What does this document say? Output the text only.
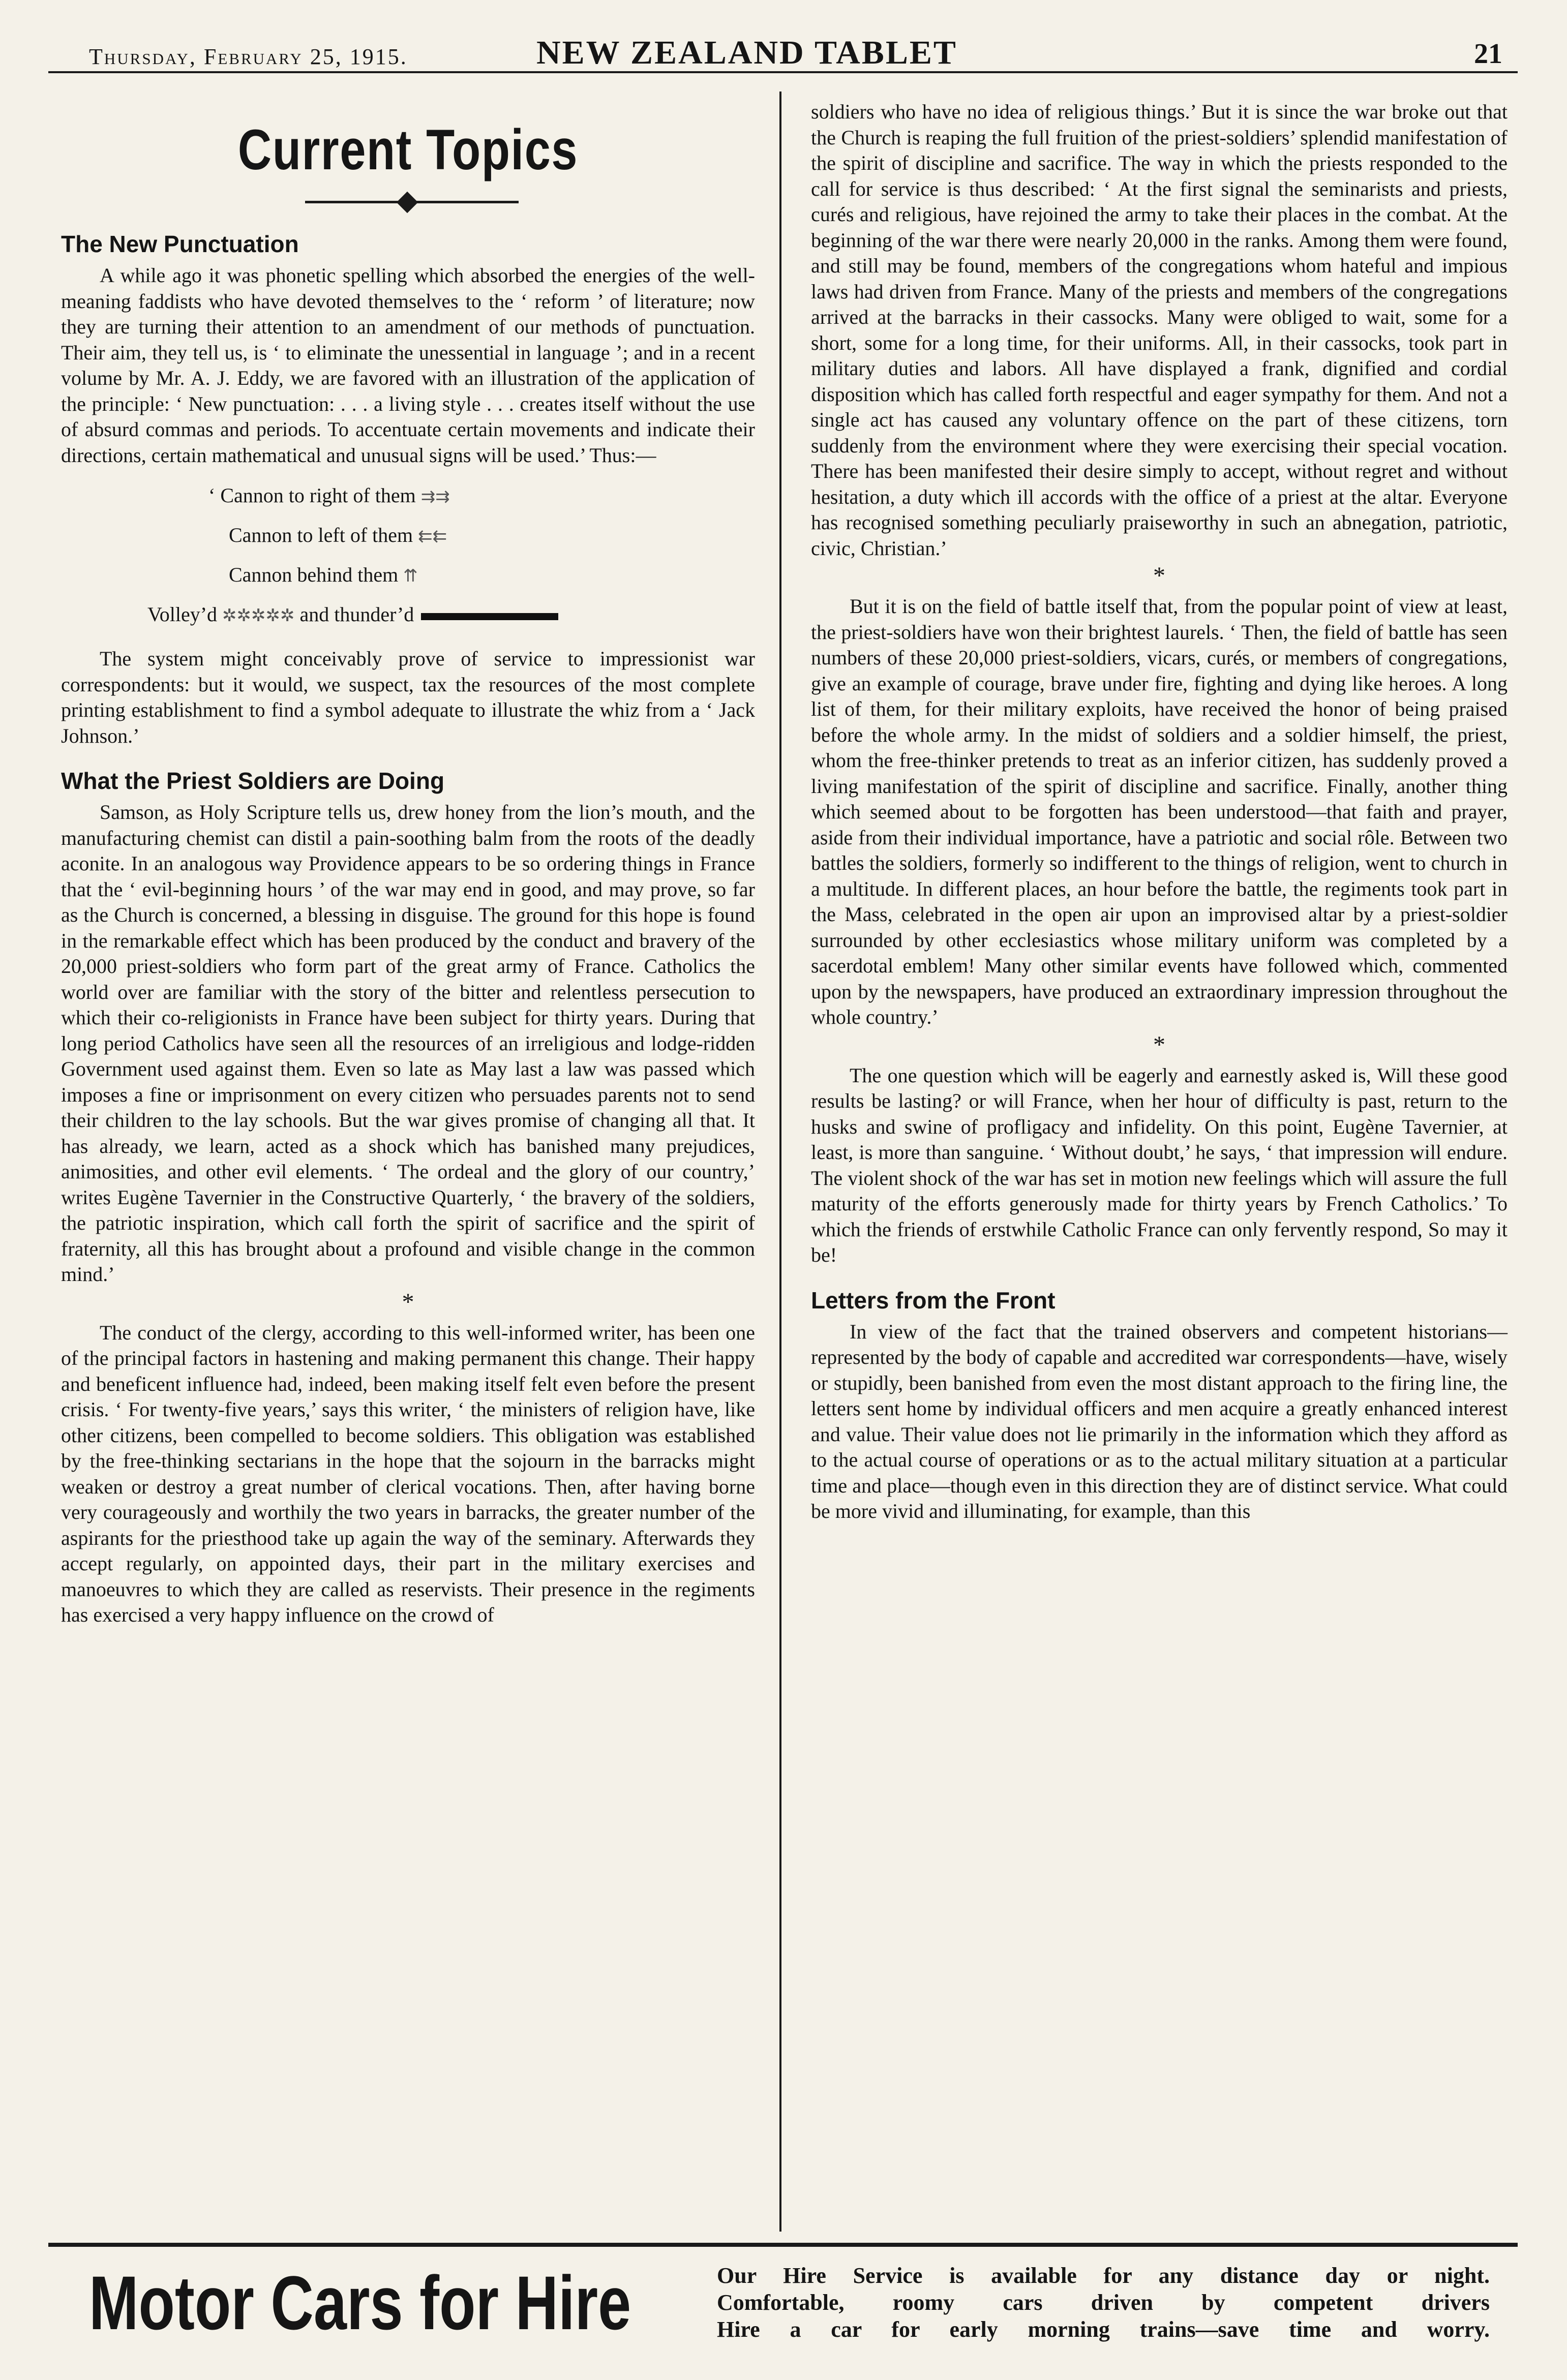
Thursday, February 25, 1915.	NEW ZEALAND TABLET	21
Current Topics
The New Punctuation

A while ago it was phonetic spelling which absorbed the energies of the well-meaning faddists who have devoted themselves to the ‘ reform ’ of literature; now they are turning their attention to an amendment of our methods of punctuation. Their aim, they tell us, is ‘ to eliminate the unessential in language ’; and in a recent volume by Mr. A. J. Eddy, we are favored with an illustration of the application of the principle: ‘ New punctuation: . . . a living style . . . creates itself without the use of absurd commas and periods. To accentuate certain movements and indicate their directions, certain mathematical and unusual signs will be used.’ Thus:—

‘ Cannon to right of them ⇉⇉
Cannon to left of them ⇇⇇
Cannon behind them ⇈
Volley’d ✲✲✲✲✲ and thunder’d

The system might conceivably prove of service to impressionist war correspondents: but it would, we suspect, tax the resources of the most complete printing establishment to find a symbol adequate to illustrate the whiz from a ‘ Jack Johnson.’

What the Priest Soldiers are Doing

Samson, as Holy Scripture tells us, drew honey from the lion’s mouth, and the manufacturing chemist can distil a pain-soothing balm from the roots of the deadly aconite. In an analogous way Providence appears to be so ordering things in France that the ‘ evil-beginning hours ’ of the war may end in good, and may prove, so far as the Church is concerned, a blessing in disguise. The ground for this hope is found in the remarkable effect which has been produced by the conduct and bravery of the 20,000 priest-soldiers who form part of the great army of France. Catholics the world over are familiar with the story of the bitter and relentless persecution to which their co-religionists in France have been subject for thirty years. During that long period Catholics have seen all the resources of an irreligious and lodge-ridden Government used against them. Even so late as May last a law was passed which imposes a fine or imprisonment on every citizen who persuades parents not to send their children to the lay schools. But the war gives promise of changing all that. It has already, we learn, acted as a shock which has banished many prejudices, animosities, and other evil elements. ‘ The ordeal and the glory of our country,’ writes Eugène Tavernier in the Constructive Quarterly, ‘ the bravery of the soldiers, the patriotic inspiration, which call forth the spirit of sacrifice and the spirit of fraternity, all this has brought about a profound and visible change in the common mind.’

*

The conduct of the clergy, according to this well-informed writer, has been one of the principal factors in hastening and making permanent this change. Their happy and beneficent influence had, indeed, been making itself felt even before the present crisis. ‘ For twenty-five years,’ says this writer, ‘ the ministers of religion have, like other citizens, been compelled to become soldiers. This obligation was established by the free-thinking sectarians in the hope that the sojourn in the barracks might weaken or destroy a great number of clerical vocations. Then, after having borne very courageously and worthily the two years in barracks, the greater number of the aspirants for the priesthood take up again the way of the seminary. Afterwards they accept regularly, on appointed days, their part in the military exercises and manoeuvres to which they are called as reservists. Their presence in the regiments has exercised a very happy influence on the crowd of

soldiers who have no idea of religious things.’ But it is since the war broke out that the Church is reaping the full fruition of the priest-soldiers’ splendid manifestation of the spirit of discipline and sacrifice. The way in which the priests responded to the call for service is thus described: ‘ At the first signal the seminarists and priests, curés and religious, have rejoined the army to take their places in the combat. At the beginning of the war there were nearly 20,000 in the ranks. Among them were found, and still may be found, members of the congregations whom hateful and impious laws had driven from France. Many of the priests and members of the congregations arrived at the barracks in their cassocks. Many were obliged to wait, some for a short, some for a long time, for their uniforms. All, in their cassocks, took part in military duties and labors. All have displayed a frank, dignified and cordial disposition which has called forth respectful and eager sympathy for them. And not a single act has caused any voluntary offence on the part of these citizens, torn suddenly from the environment where they were exercising their special vocation. There has been manifested their desire simply to accept, without regret and without hesitation, a duty which ill accords with the office of a priest at the altar. Everyone has recognised something peculiarly praiseworthy in such an abnegation, patriotic, civic, Christian.’

*

But it is on the field of battle itself that, from the popular point of view at least, the priest-soldiers have won their brightest laurels. ‘ Then, the field of battle has seen numbers of these 20,000 priest-soldiers, vicars, curés, or members of congregations, give an example of courage, brave under fire, fighting and dying like heroes. A long list of them, for their military exploits, have received the honor of being praised before the whole army. In the midst of soldiers and a soldier himself, the priest, whom the free-thinker pretends to treat as an inferior citizen, has suddenly proved a living manifestation of the spirit of discipline and sacrifice. Finally, another thing which seemed about to be forgotten has been understood—that faith and prayer, aside from their individual importance, have a patriotic and social rôle. Between two battles the soldiers, formerly so indifferent to the things of religion, went to church in a multitude. In different places, an hour before the battle, the regiments took part in the Mass, celebrated in the open air upon an improvised altar by a priest-soldier surrounded by other ecclesiastics whose military uniform was completed by a sacerdotal emblem! Many other similar events have followed which, commented upon by the newspapers, have produced an extraordinary impression throughout the whole country.’

*

The one question which will be eagerly and earnestly asked is, Will these good results be lasting? or will France, when her hour of difficulty is past, return to the husks and swine of profligacy and infidelity. On this point, Eugène Tavernier, at least, is more than sanguine. ‘ Without doubt,’ he says, ‘ that impression will endure. The violent shock of the war has set in motion new feelings which will assure the full maturity of the efforts generously made for thirty years by French Catholics.’ To which the friends of erstwhile Catholic France can only fervently respond, So may it be!

Letters from the Front

In view of the fact that the trained observers and competent historians—represented by the body of capable and accredited war correspondents—have, wisely or stupidly, been banished from even the most distant approach to the firing line, the letters sent home by individual officers and men acquire a greatly enhanced interest and value. Their value does not lie primarily in the information which they afford as to the actual course of operations or as to the actual military situation at a particular time and place—though even in this direction they are of distinct service. What could be more vivid and illuminating, for example, than this

Motor Cars for Hire	Our Hire Service is available for any distance day or night.
Comfortable, roomy cars driven by competent drivers
Hire a car for early morning trains—save time and worry.
